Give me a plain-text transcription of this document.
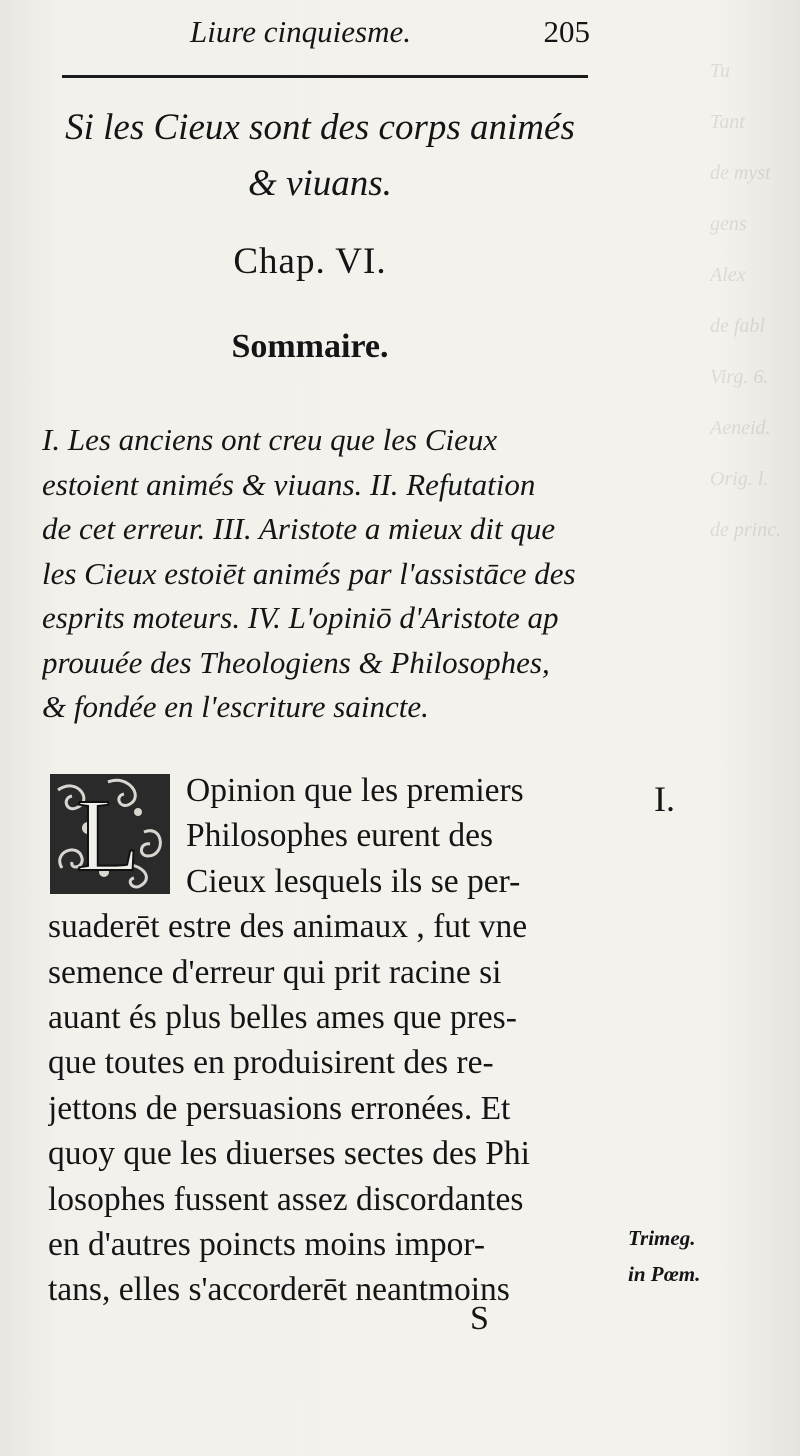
Tu
Tant
de myst
gens
Alex
de fabl
Virg. 6.
Aeneid.
Orig. l.
de princ.
Liure cinquiesme.	205
Si les Cieux sont des corps animés
& viuans.
Chap. VI.
Sommaire.
I. Les anciens ont creu que les Cieux
estoient animés & viuans. II. Refutation
de cet erreur. III. Aristote a mieux dit que
les Cieux estoiēt animés par l'assistāce des
esprits moteurs. IV. L'opiniō d'Aristote ap
prouuée des Theologiens & Philosophes,
& fondée en l'escriture saincte.
L	Opinion que les premiers
Philosophes eurent des
Cieux lesquels ils se per-
suaderēt estre des animaux , fut vne
semence d'erreur qui prit racine si
auant és plus belles ames que pres-
que toutes en produisirent des re-
jettons de persuasions erronées. Et
quoy que les diuerses sectes des Phi
losophes fussent assez discordantes
en d'autres poincts moins impor-
tans, elles s'accorderēt neantmoins
I.
Trimeg.
in Pœm.
S
